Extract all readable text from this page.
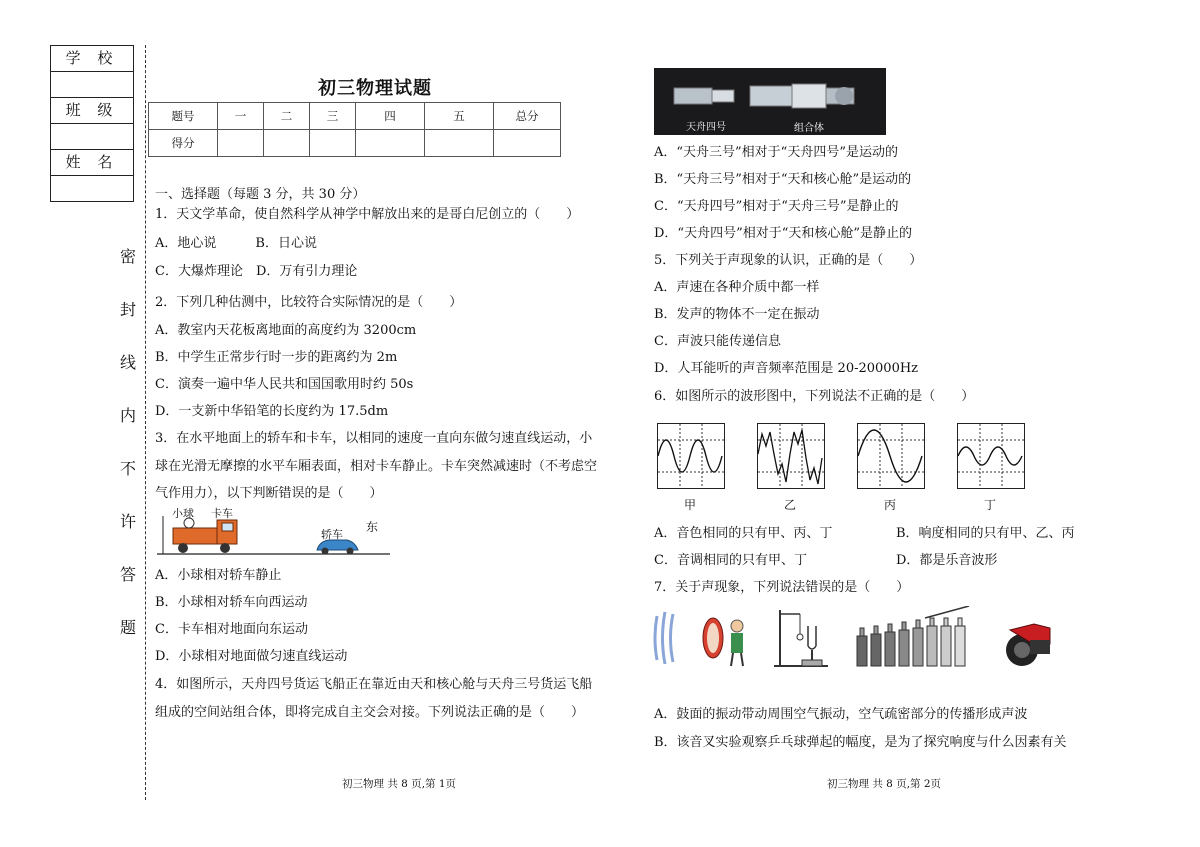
学 校
班 级
姓 名
密
封
线
内
不
许
答
题
初三物理试题
题号	一	二	三	四	五	总分
得分						
一、选择题（每题 3 分，共 30 分）
1．天文学革命，使自然科学从神学中解放出来的是哥白尼创立的（　　）
A．地心说　　　B．日心说
C．大爆炸理论　D．万有引力理论
2．下列几种估测中，比较符合实际情况的是（　　）
A．教室内天花板离地面的高度约为 3200cm
B．中学生正常步行时一步的距离约为 2m
C．演奏一遍中华人民共和国国歌用时约 50s
D．一支新中华铅笔的长度约为 17.5dm
3．在水平地面上的轿车和卡车，以相同的速度一直向东做匀速直线运动，小
球在光滑无摩擦的水平车厢表面，相对卡车静止。卡车突然减速时（不考虑空
气作用力），以下判断错误的是（　　）
小球 卡车
轿车
东
A．小球相对轿车静止
B．小球相对轿车向西运动
C．卡车相对地面向东运动
D．小球相对地面做匀速直线运动
4．如图所示，天舟四号货运飞船正在靠近由天和核心舱与天舟三号货运飞船
组成的空间站组合体，即将完成自主交会对接。下列说法正确的是（　　）
初三物理 共 8 页,第 1页
天舟四号	组合体
A．“天舟三号”相对于“天舟四号”是运动的
B．“天舟三号”相对于“天和核心舱”是运动的
C．“天舟四号”相对于“天舟三号”是静止的
D．“天舟四号”相对于“天和核心舱”是静止的
5．下列关于声现象的认识，正确的是（　　）
A．声速在各种介质中都一样
B．发声的物体不一定在振动
C．声波只能传递信息
D．人耳能听的声音频率范围是 20-20000Hz
6．如图所示的波形图中，下列说法不正确的是（　　）
甲	乙	丙	丁
A．音色相同的只有甲、丙、丁	B．响度相同的只有甲、乙、丙
C．音调相同的只有甲、丁	D．都是乐音波形
7．关于声现象，下列说法错误的是（　　）
A．鼓面的振动带动周围空气振动，空气疏密部分的传播形成声波
B．该音叉实验观察乒乓球弹起的幅度，是为了探究响度与什么因素有关
初三物理 共 8 页,第 2页
